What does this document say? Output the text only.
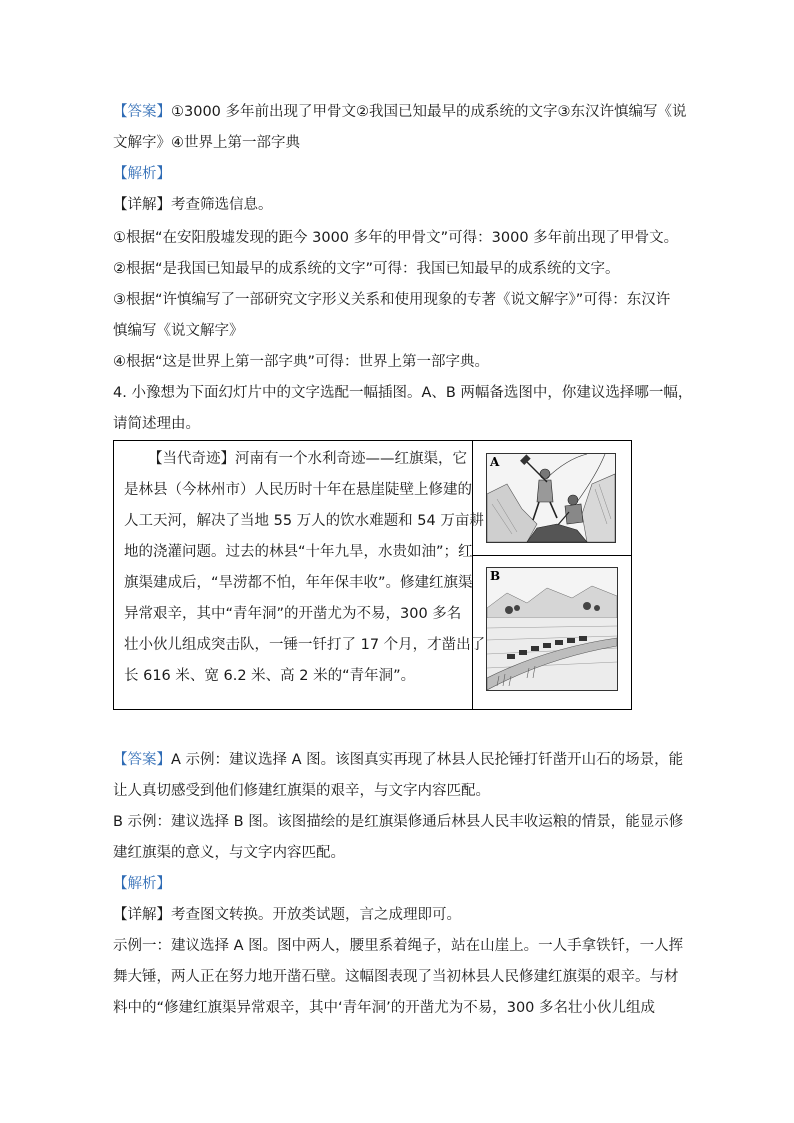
【答案】①3000 多年前出现了甲骨文②我国已知最早的成系统的文字③东汉许慎编写《说
文解字》④世界上第一部字典
【解析】
【详解】考查筛选信息。
①根据“在安阳殷墟发现的距今 3000 多年的甲骨文”可得：3000 多年前出现了甲骨文。
②根据“是我国已知最早的成系统的文字”可得：我国已知最早的成系统的文字。
③根据“许慎编写了一部研究文字形义关系和使用现象的专著《说文解字》”可得：东汉许
慎编写《说文解字》
④根据“这是世界上第一部字典”可得：世界上第一部字典。
4. 小豫想为下面幻灯片中的文字选配一幅插图。A、B 两幅备选图中，你建议选择哪一幅，
请简述理由。
【当代奇迹】河南有一个水利奇迹——红旗渠，它
是林县（今林州市）人民历时十年在悬崖陡壁上修建的
人工天河，解决了当地 55 万人的饮水难题和 54 万亩耕
地的浇灌问题。过去的林县“十年九旱，水贵如油”；红
旗渠建成后，“旱涝都不怕，年年保丰收”。修建红旗渠
异常艰辛，其中“青年洞”的开凿尤为不易，300 多名
壮小伙儿组成突击队，一锤一钎打了 17 个月，才凿出了
长 616 米、宽 6.2 米、高 2 米的“青年洞”。
A
B
【答案】A 示例：建议选择 A 图。该图真实再现了林县人民抡锤打钎凿开山石的场景，能
让人真切感受到他们修建红旗渠的艰辛，与文字内容匹配。
B 示例：建议选择 B 图。该图描绘的是红旗渠修通后林县人民丰收运粮的情景，能显示修
建红旗渠的意义，与文字内容匹配。
【解析】
【详解】考查图文转换。开放类试题，言之成理即可。
示例一：建议选择 A 图。图中两人，腰里系着绳子，站在山崖上。一人手拿铁钎，一人挥
舞大锤，两人正在努力地开凿石壁。这幅图表现了当初林县人民修建红旗渠的艰辛。与材
料中的“修建红旗渠异常艰辛，其中‘青年洞’的开凿尤为不易，300 多名壮小伙儿组成
